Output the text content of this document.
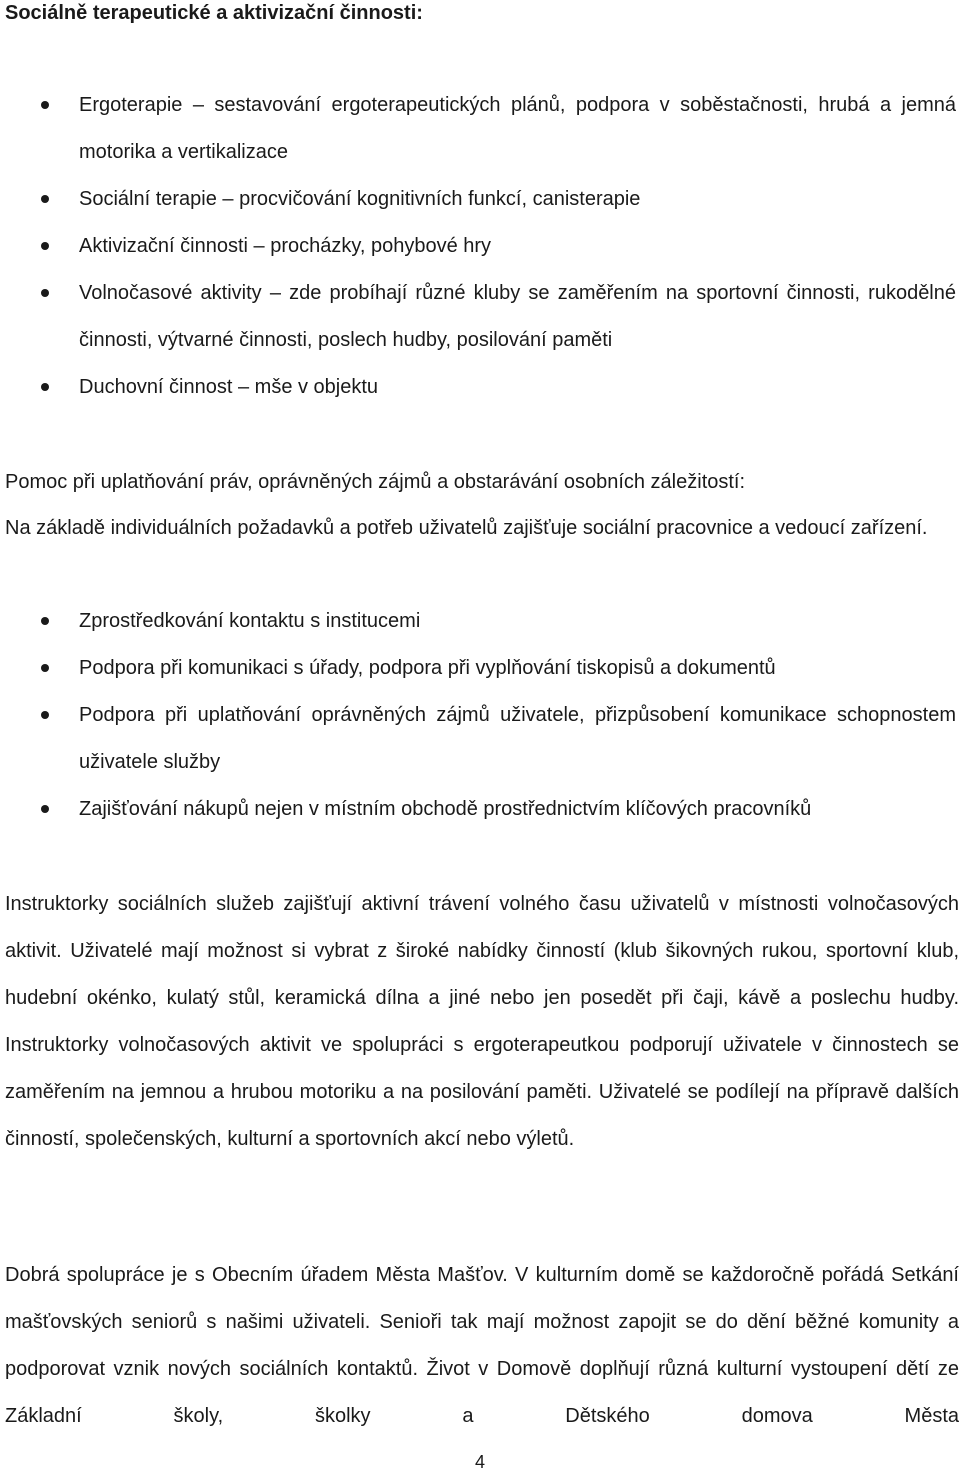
Sociálně terapeutické a aktivizační činnosti:
Ergoterapie – sestavování ergoterapeutických plánů, podpora v soběstačnosti, hrubá a jemná motorika a vertikalizace
Sociální terapie – procvičování kognitivních funkcí, canisterapie
Aktivizační činnosti – procházky, pohybové hry
Volnočasové aktivity – zde probíhají různé kluby se zaměřením na sportovní činnosti, rukodělné činnosti, výtvarné činnosti, poslech hudby, posilování paměti
Duchovní činnost – mše v objektu
Pomoc při uplatňování práv, oprávněných zájmů a obstarávání osobních záležitostí:
Na základě individuálních požadavků a potřeb uživatelů zajišťuje sociální pracovnice a vedoucí zařízení.
Zprostředkování kontaktu s institucemi
Podpora při komunikaci s úřady, podpora při vyplňování tiskopisů a dokumentů
Podpora při uplatňování oprávněných zájmů uživatele, přizpůsobení komunikace schopnostem uživatele služby
Zajišťování nákupů nejen v místním obchodě prostřednictvím klíčových pracovníků
Instruktorky sociálních služeb zajišťují aktivní trávení volného času uživatelů v místnosti volnočasových aktivit. Uživatelé mají možnost si vybrat z široké nabídky činností (klub šikovných rukou, sportovní klub, hudební okénko, kulatý stůl, keramická dílna a jiné nebo jen posedět při čaji, kávě a poslechu hudby. Instruktorky volnočasových aktivit ve spolupráci s ergoterapeutkou podporují uživatele v činnostech se zaměřením na jemnou a hrubou motoriku a na posilování paměti. Uživatelé se podílejí na přípravě dalších činností, společenských, kulturní a sportovních akcí nebo výletů.
Dobrá spolupráce je s Obecním úřadem Města Mašťov. V kulturním domě se každoročně pořádá Setkání mašťovských seniorů s našimi uživateli. Senioři tak mají možnost zapojit se do dění běžné komunity a podporovat vznik nových sociálních kontaktů. Život v Domově doplňují různá kulturní vystoupení dětí ze Základní školy, školky a Dětského domova Města
4
